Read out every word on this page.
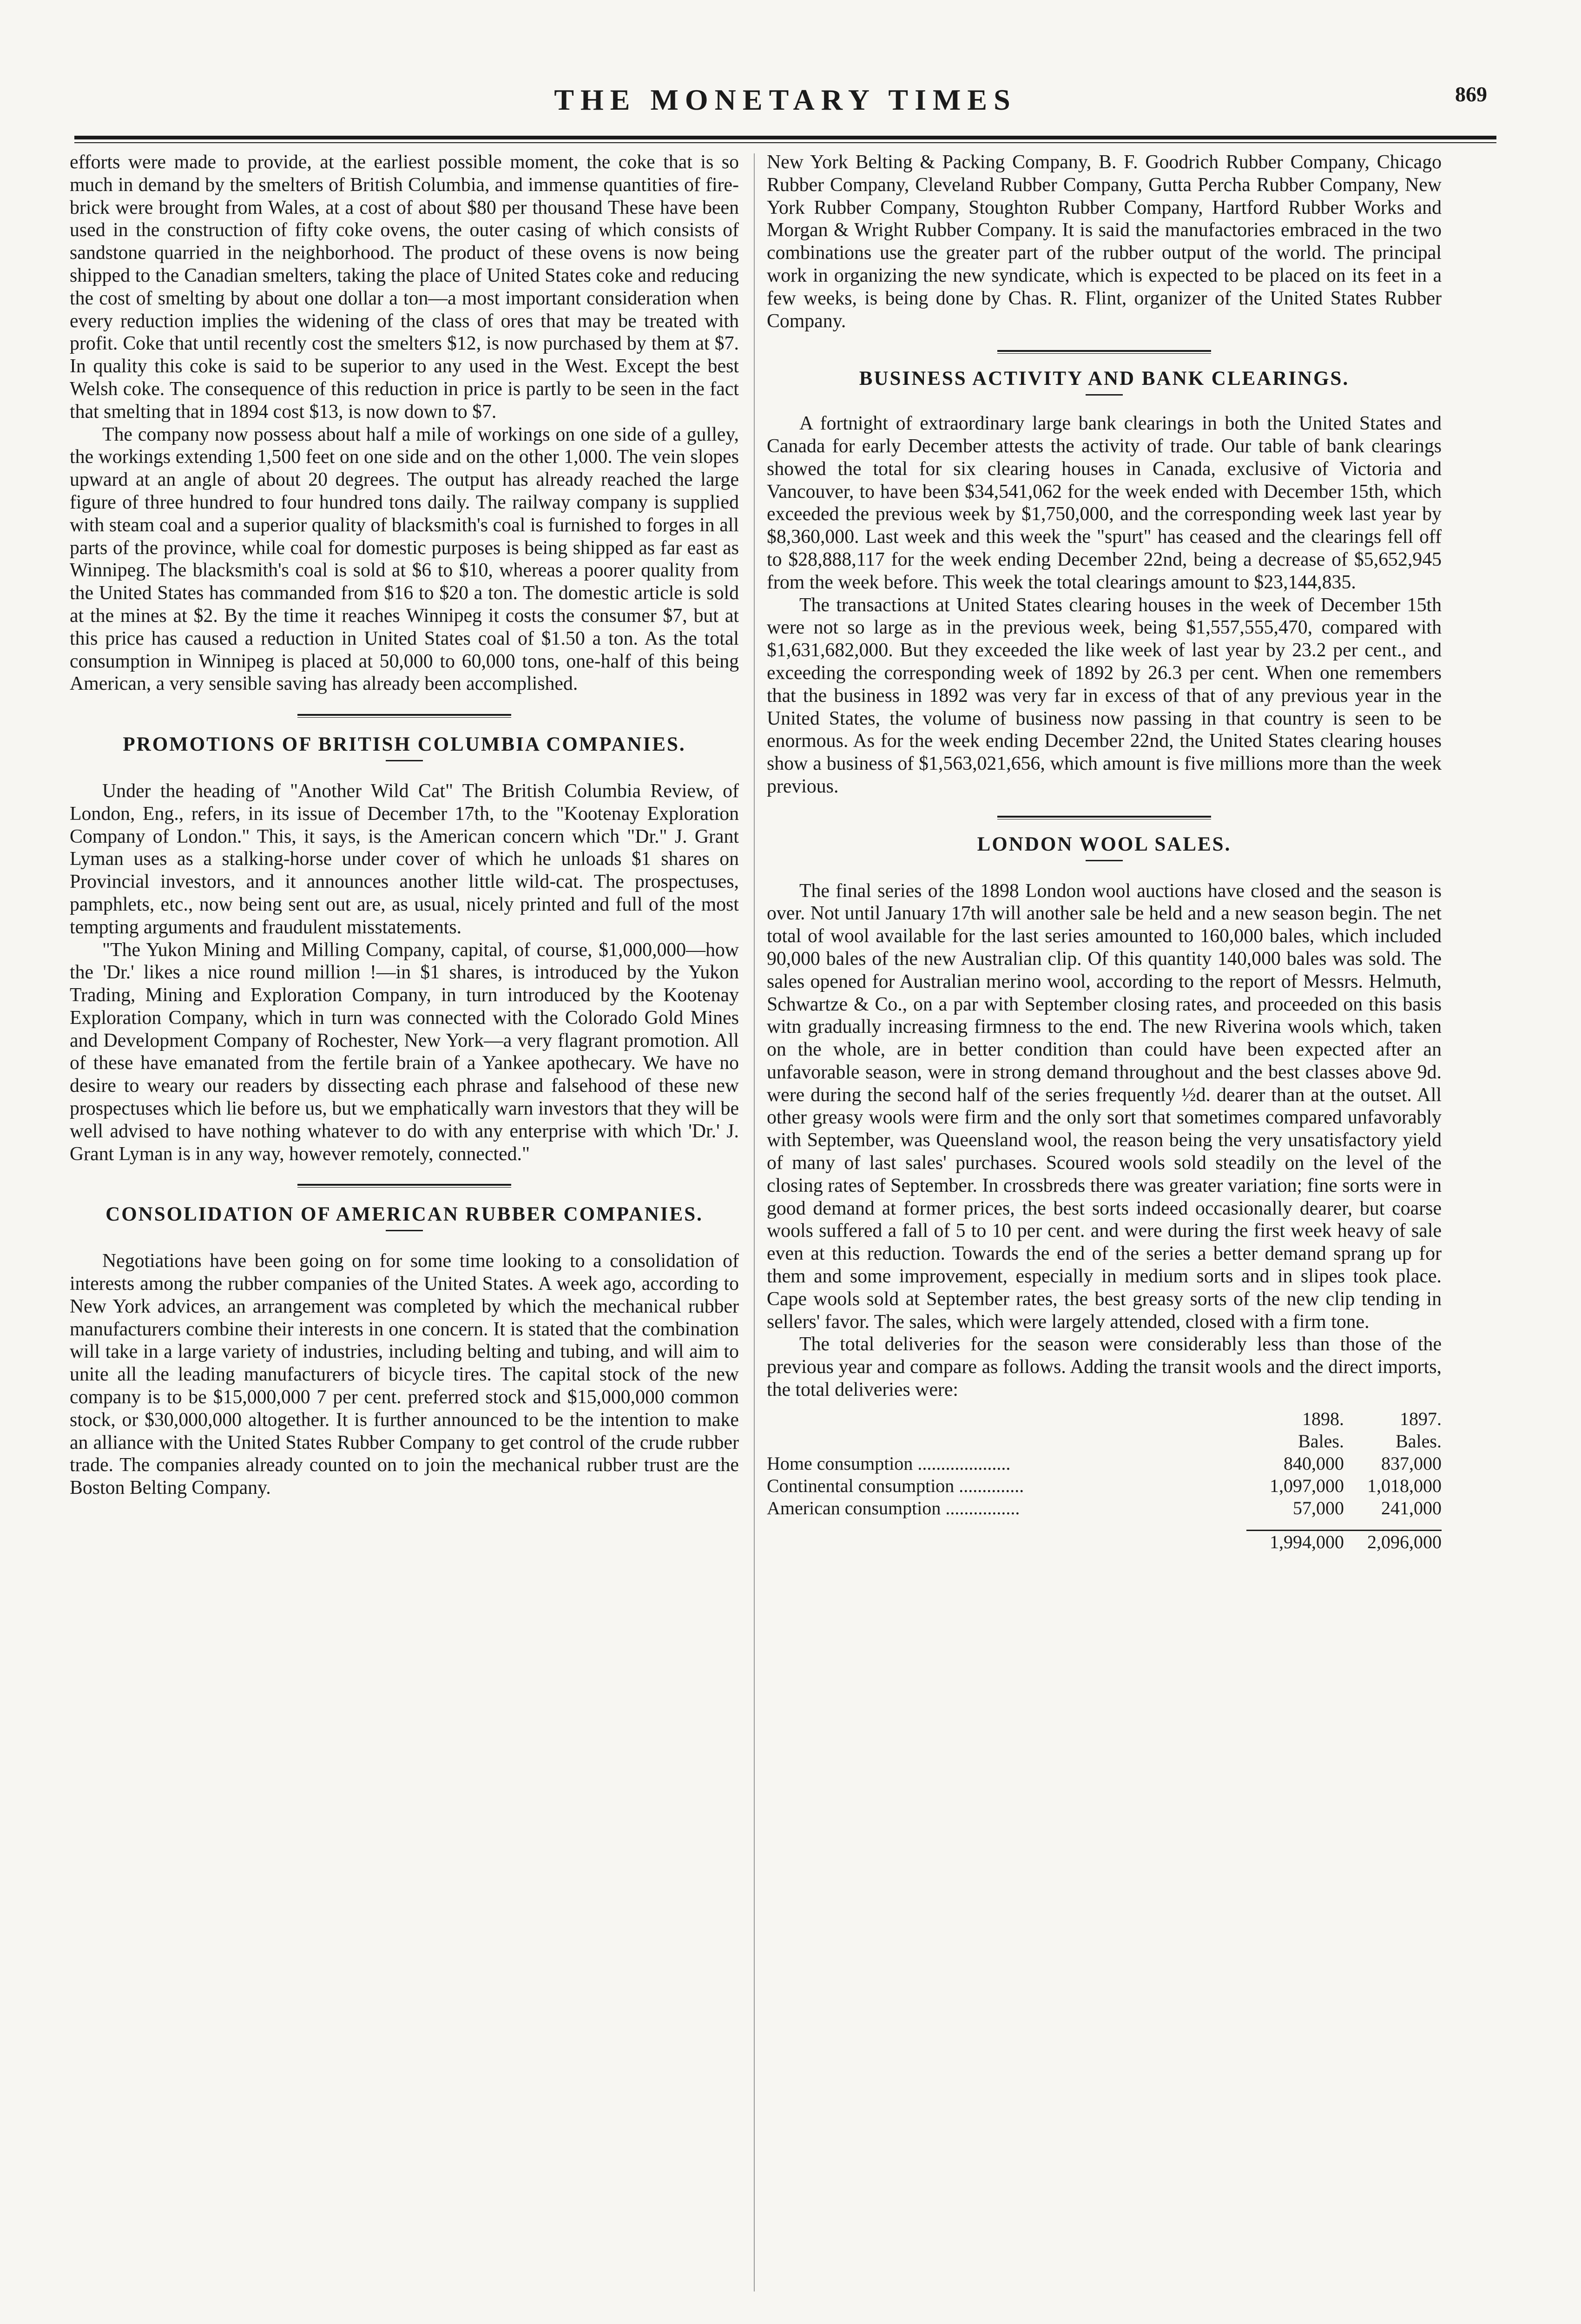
THE MONETARY TIMES	869

efforts were made to provide, at the earliest possible moment, the coke that is so much in demand by the smelters of British Columbia, and immense quantities of fire-brick were brought from Wales, at a cost of about $80 per thousand These have been used in the construction of fifty coke ovens, the outer casing of which consists of sandstone quarried in the neighborhood. The product of these ovens is now being shipped to the Canadian smelters, taking the place of United States coke and reducing the cost of smelting by about one dollar a ton—a most important consideration when every reduction implies the widening of the class of ores that may be treated with profit. Coke that until recently cost the smelters $12, is now purchased by them at $7. In quality this coke is said to be superior to any used in the West. Except the best Welsh coke. The consequence of this reduction in price is partly to be seen in the fact that smelting that in 1894 cost $13, is now down to $7.

The company now possess about half a mile of workings on one side of a gulley, the workings extending 1,500 feet on one side and on the other 1,000. The vein slopes upward at an angle of about 20 degrees. The output has already reached the large figure of three hundred to four hundred tons daily. The railway company is supplied with steam coal and a superior quality of blacksmith's coal is furnished to forges in all parts of the province, while coal for domestic purposes is being shipped as far east as Winnipeg. The blacksmith's coal is sold at $6 to $10, whereas a poorer quality from the United States has commanded from $16 to $20 a ton. The domestic article is sold at the mines at $2. By the time it reaches Winnipeg it costs the consumer $7, but at this price has caused a reduction in United States coal of $1.50 a ton. As the total consumption in Winnipeg is placed at 50,000 to 60,000 tons, one-half of this being American, a very sensible saving has already been accomplished.

PROMOTIONS OF BRITISH COLUMBIA COMPANIES.

Under the heading of "Another Wild Cat" The British Columbia Review, of London, Eng., refers, in its issue of December 17th, to the "Kootenay Exploration Company of London." This, it says, is the American concern which "Dr." J. Grant Lyman uses as a stalking-horse under cover of which he unloads $1 shares on Provincial investors, and it announces another little wild-cat. The prospectuses, pamphlets, etc., now being sent out are, as usual, nicely printed and full of the most tempting arguments and fraudulent misstatements.

"The Yukon Mining and Milling Company, capital, of course, $1,000,000—how the 'Dr.' likes a nice round million !—in $1 shares, is introduced by the Yukon Trading, Mining and Exploration Company, in turn introduced by the Kootenay Exploration Company, which in turn was connected with the Colorado Gold Mines and Development Company of Rochester, New York—a very flagrant promotion. All of these have emanated from the fertile brain of a Yankee apothecary. We have no desire to weary our readers by dissecting each phrase and falsehood of these new prospectuses which lie before us, but we emphatically warn investors that they will be well advised to have nothing whatever to do with any enterprise with which 'Dr.' J. Grant Lyman is in any way, however remotely, connected."

CONSOLIDATION OF AMERICAN RUBBER COMPANIES.

Negotiations have been going on for some time looking to a consolidation of interests among the rubber companies of the United States. A week ago, according to New York advices, an arrangement was completed by which the mechanical rubber manufacturers combine their interests in one concern. It is stated that the combination will take in a large variety of industries, including belting and tubing, and will aim to unite all the leading manufacturers of bicycle tires. The capital stock of the new company is to be $15,000,000 7 per cent. preferred stock and $15,000,000 common stock, or $30,000,000 altogether. It is further announced to be the intention to make an alliance with the United States Rubber Company to get control of the crude rubber trade. The companies already counted on to join the mechanical rubber trust are the Boston Belting Company.

New York Belting & Packing Company, B. F. Goodrich Rubber Company, Chicago Rubber Company, Cleveland Rubber Company, Gutta Percha Rubber Company, New York Rubber Company, Stoughton Rubber Company, Hartford Rubber Works and Morgan & Wright Rubber Company. It is said the manufactories embraced in the two combinations use the greater part of the rubber output of the world. The principal work in organizing the new syndicate, which is expected to be placed on its feet in a few weeks, is being done by Chas. R. Flint, organizer of the United States Rubber Company.

BUSINESS ACTIVITY AND BANK CLEARINGS.

A fortnight of extraordinary large bank clearings in both the United States and Canada for early December attests the activity of trade. Our table of bank clearings showed the total for six clearing houses in Canada, exclusive of Victoria and Vancouver, to have been $34,541,062 for the week ended with December 15th, which exceeded the previous week by $1,750,000, and the corresponding week last year by $8,360,000. Last week and this week the "spurt" has ceased and the clearings fell off to $28,888,117 for the week ending December 22nd, being a decrease of $5,652,945 from the week before. This week the total clearings amount to $23,144,835.

The transactions at United States clearing houses in the week of December 15th were not so large as in the previous week, being $1,557,555,470, compared with $1,631,682,000. But they exceeded the like week of last year by 23.2 per cent., and exceeding the corresponding week of 1892 by 26.3 per cent. When one remembers that the business in 1892 was very far in excess of that of any previous year in the United States, the volume of business now passing in that country is seen to be enormous. As for the week ending December 22nd, the United States clearing houses show a business of $1,563,021,656, which amount is five millions more than the week previous.

LONDON WOOL SALES.

The final series of the 1898 London wool auctions have closed and the season is over. Not until January 17th will another sale be held and a new season begin. The net total of wool available for the last series amounted to 160,000 bales, which included 90,000 bales of the new Australian clip. Of this quantity 140,000 bales was sold. The sales opened for Australian merino wool, according to the report of Messrs. Helmuth, Schwartze & Co., on a par with September closing rates, and proceeded on this basis witn gradually increasing firmness to the end. The new Riverina wools which, taken on the whole, are in better condition than could have been expected after an unfavorable season, were in strong demand throughout and the best classes above 9d. were during the second half of the series frequently ½d. dearer than at the outset. All other greasy wools were firm and the only sort that sometimes compared unfavorably with September, was Queensland wool, the reason being the very unsatisfactory yield of many of last sales' purchases. Scoured wools sold steadily on the level of the closing rates of September. In crossbreds there was greater variation; fine sorts were in good demand at former prices, the best sorts indeed occasionally dearer, but coarse wools suffered a fall of 5 to 10 per cent. and were during the first week heavy of sale even at this reduction. Towards the end of the series a better demand sprang up for them and some improvement, especially in medium sorts and in slipes took place. Cape wools sold at September rates, the best greasy sorts of the new clip tending in sellers' favor. The sales, which were largely attended, closed with a firm tone.

The total deliveries for the season were considerably less than those of the previous year and compare as follows. Adding the transit wools and the direct imports, the total deliveries were:

	1898.	1897.
	Bales.	Bales.
Home consumption ....................	840,000	837,000
Continental consumption ..............	1,097,000	1,018,000
American consumption ................	57,000	241,000

	1,994,000	2,096,000
